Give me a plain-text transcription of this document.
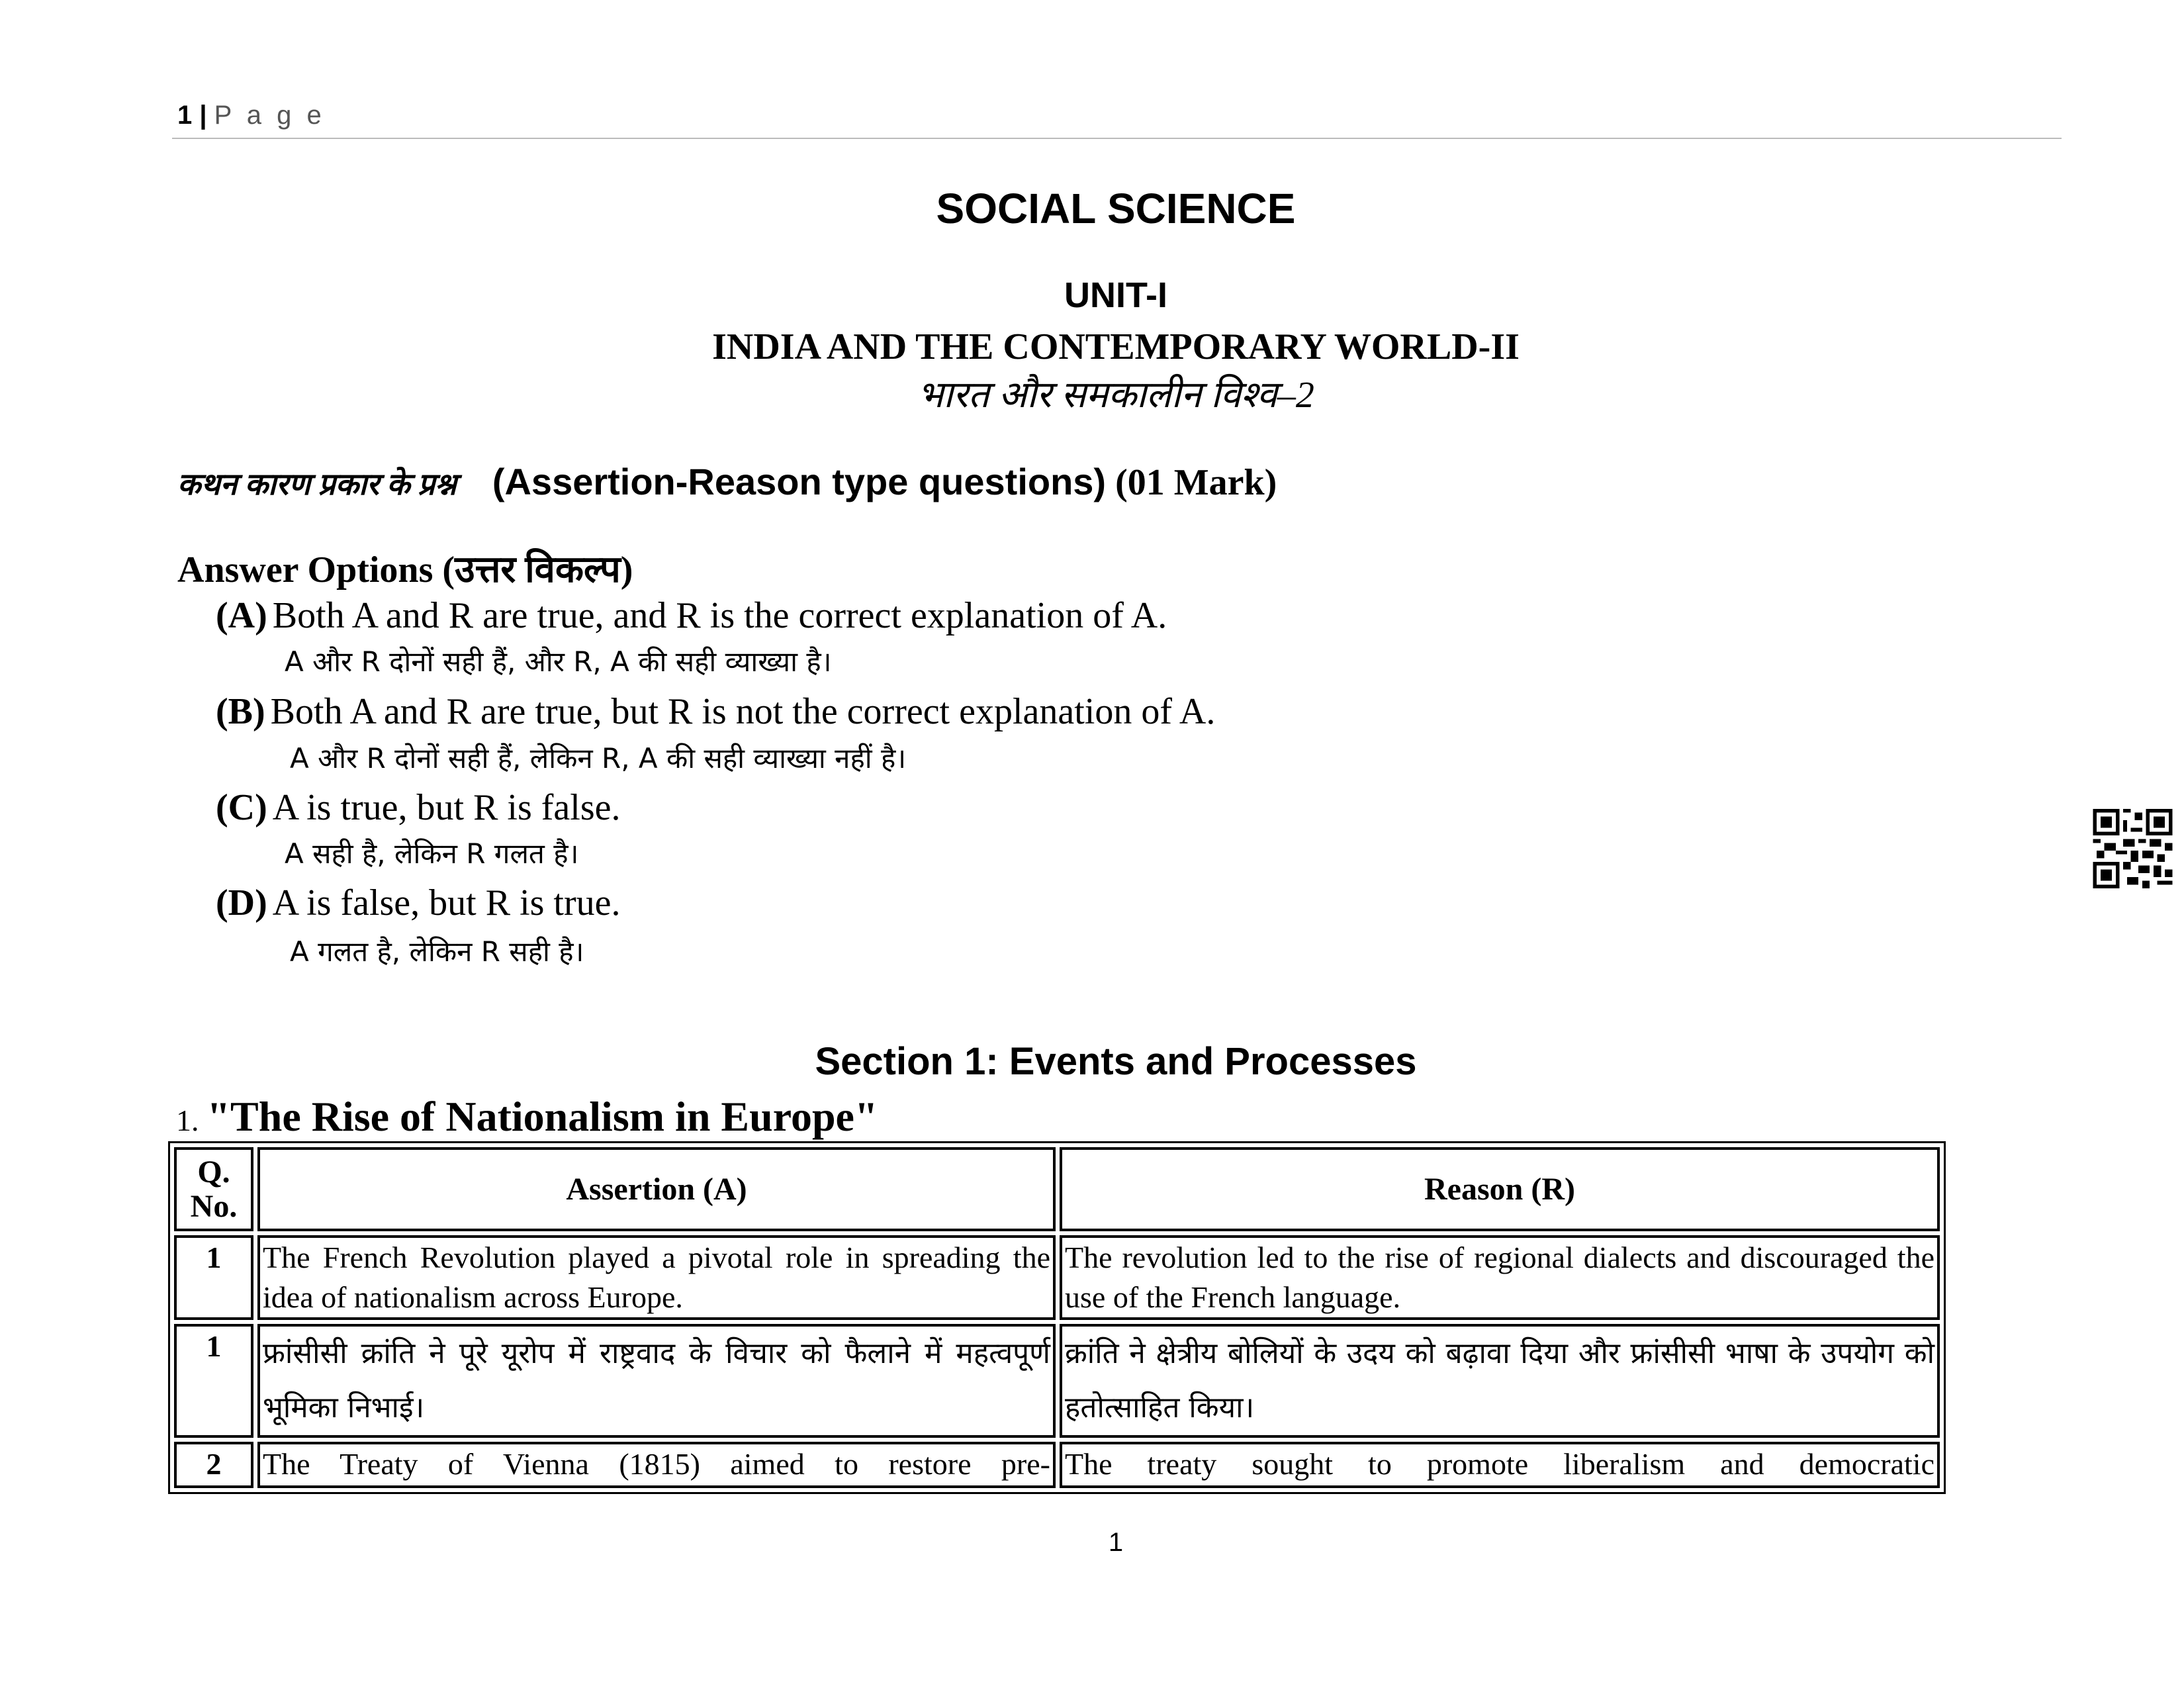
1 | P a g e
SOCIAL SCIENCE
UNIT-I
INDIA AND THE CONTEMPORARY WORLD-II
भारत और समकालीन विश्व–2
कथन कारण प्रकार के प्रश्न (Assertion-Reason type questions) (01 Mark)
Answer Options (उत्तर विकल्प)
(A) Both A and R are true, and R is the correct explanation of A.
A और R दोनों सही हैं, और R, A की सही व्याख्या है।
(B) Both A and R are true, but R is not the correct explanation of A.
A और R दोनों सही हैं, लेकिन R, A की सही व्याख्या नहीं है।
(C) A is true, but R is false.
A सही है, लेकिन R गलत है।
(D) A is false, but R is true.
A गलत है, लेकिन R सही है।
Section 1: Events and Processes
1. "The Rise of Nationalism in Europe"
Q. No.	Assertion (A)	Reason (R)
1	The French Revolution played a pivotal role in spreading the idea of nationalism across Europe.	The revolution led to the rise of regional dialects and discouraged the use of the French language.
1	फ्रांसीसी क्रांति ने पूरे यूरोप में राष्ट्रवाद के विचार को फैलाने में महत्वपूर्ण भूमिका निभाई।	क्रांति ने क्षेत्रीय बोलियों के उदय को बढ़ावा दिया और फ्रांसीसी भाषा के उपयोग को हतोत्साहित किया।
2	The Treaty of Vienna (1815) aimed to restore pre-	The treaty sought to promote liberalism and democratic
1
